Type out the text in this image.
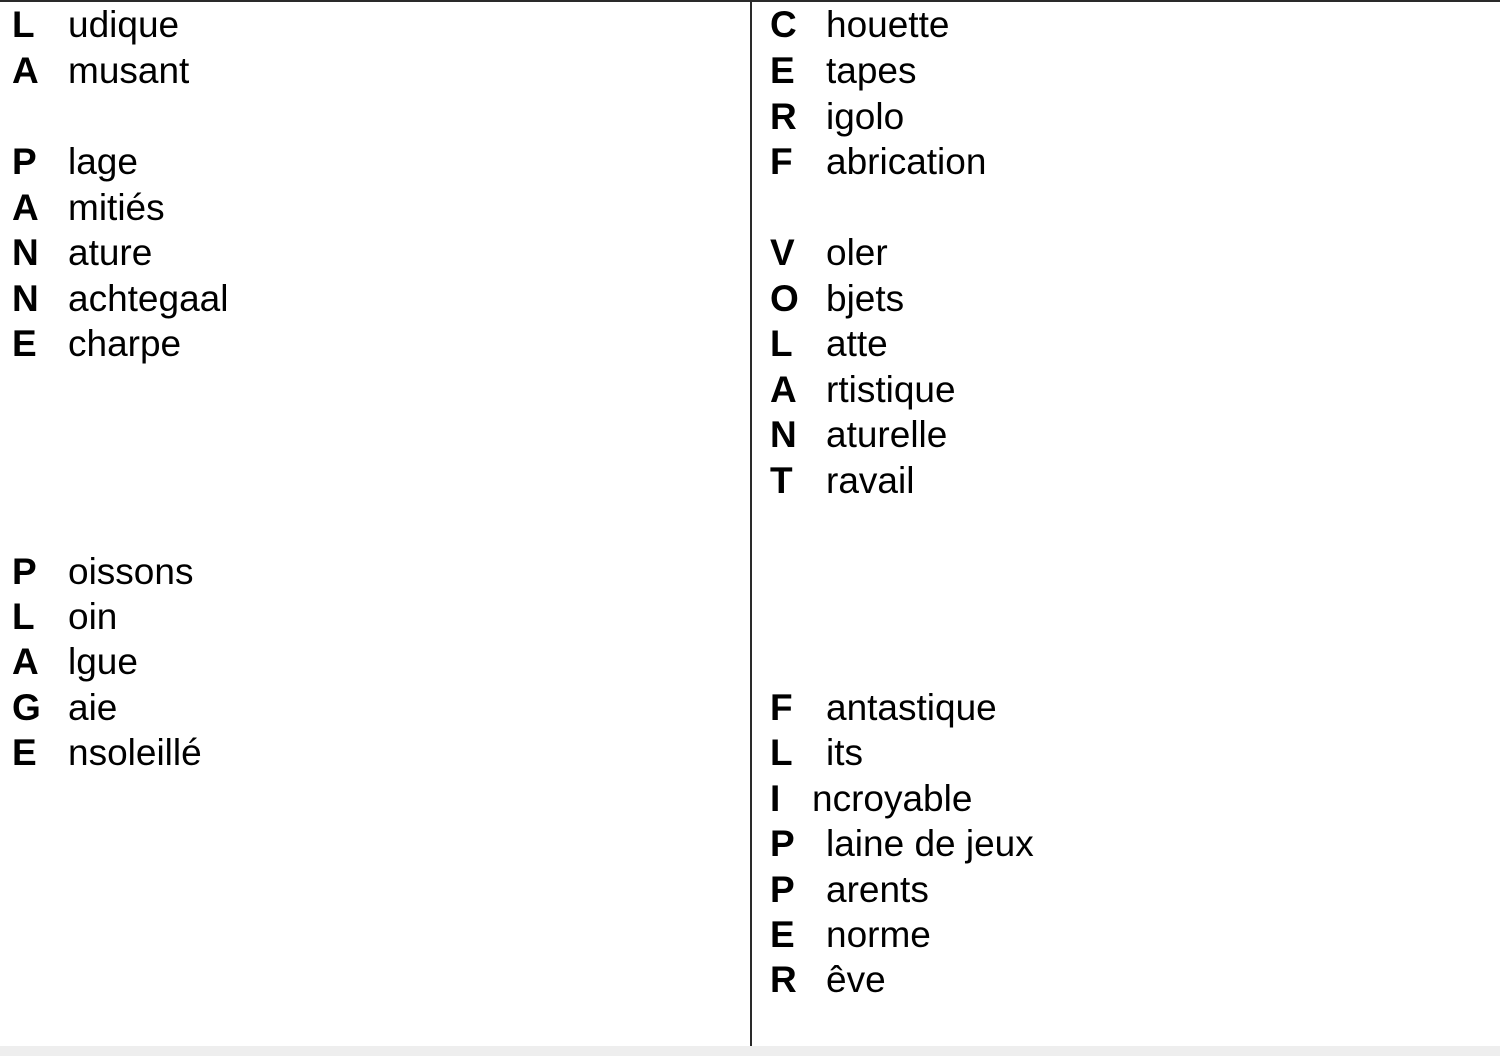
L udique
A musant
P lage
A mitiés
N ature
N achtegaal
E charpe
P oissons
L oin
A lgue
G aie
E nsoleillé
C houette
E tapes
R igolo
F abrication
V oler
O bjets
L atte
A rtistique
N aturelle
T ravail
F antastique
L its
I ncroyable
P laine de jeux
P arents
E norme
R êve
